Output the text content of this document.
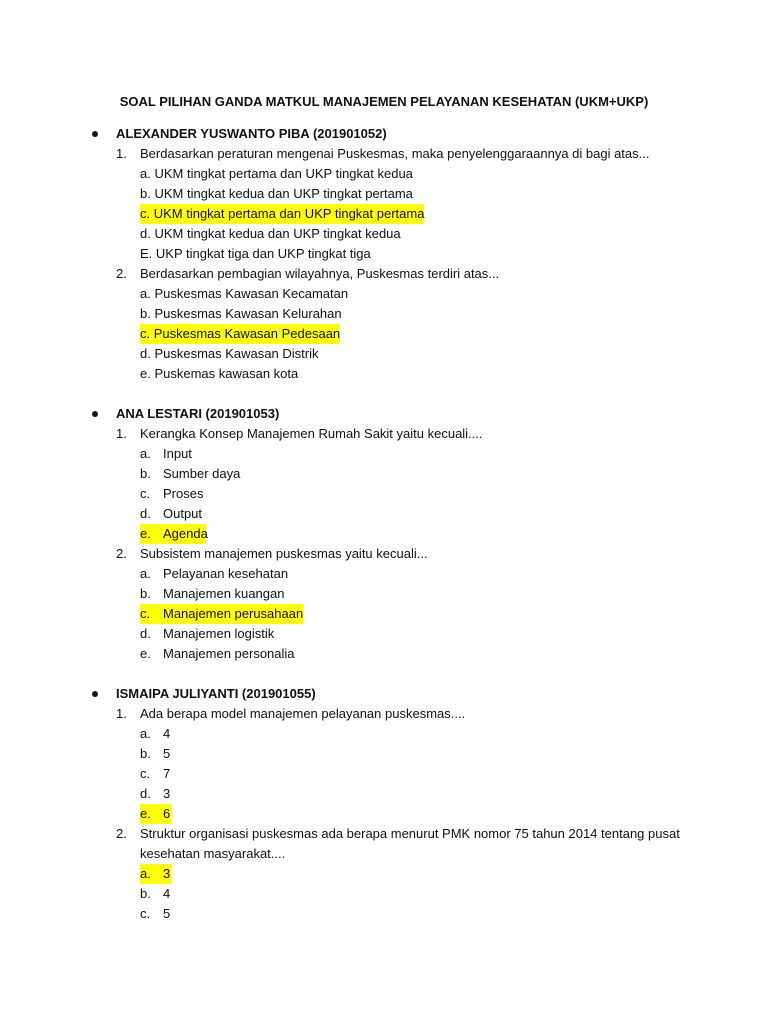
SOAL PILIHAN GANDA MATKUL MANAJEMEN PELAYANAN KESEHATAN (UKM+UKP)
ALEXANDER YUSWANTO PIBA (201901052)
1. Berdasarkan peraturan mengenai Puskesmas, maka penyelenggaraannya di bagi atas...
a. UKM tingkat pertama dan UKP tingkat kedua
b. UKM tingkat kedua dan UKP tingkat pertama
c. UKM tingkat pertama dan UKP tingkat pertama
d. UKM tingkat kedua dan UKP tingkat kedua
E. UKP tingkat tiga dan UKP tingkat tiga
2. Berdasarkan pembagian wilayahnya, Puskesmas terdiri atas...
a. Puskesmas Kawasan Kecamatan
b. Puskesmas Kawasan Kelurahan
c. Puskesmas Kawasan Pedesaan
d. Puskesmas Kawasan Distrik
e. Puskemas kawasan kota
ANA LESTARI (201901053)
1. Kerangka Konsep Manajemen Rumah Sakit yaitu kecuali....
a. Input
b. Sumber daya
c. Proses
d. Output
e. Agenda
2. Subsistem manajemen puskesmas yaitu kecuali...
a. Pelayanan kesehatan
b. Manajemen kuangan
c. Manajemen perusahaan
d. Manajemen logistik
e. Manajemen personalia
ISMAIPA JULIYANTI (201901055)
1. Ada berapa model manajemen pelayanan puskesmas....
a. 4
b. 5
c. 7
d. 3
e. 6
2. Struktur organisasi puskesmas ada berapa menurut PMK nomor 75 tahun 2014 tentang pusat
kesehatan masyarakat....
a. 3
b. 4
c. 5
